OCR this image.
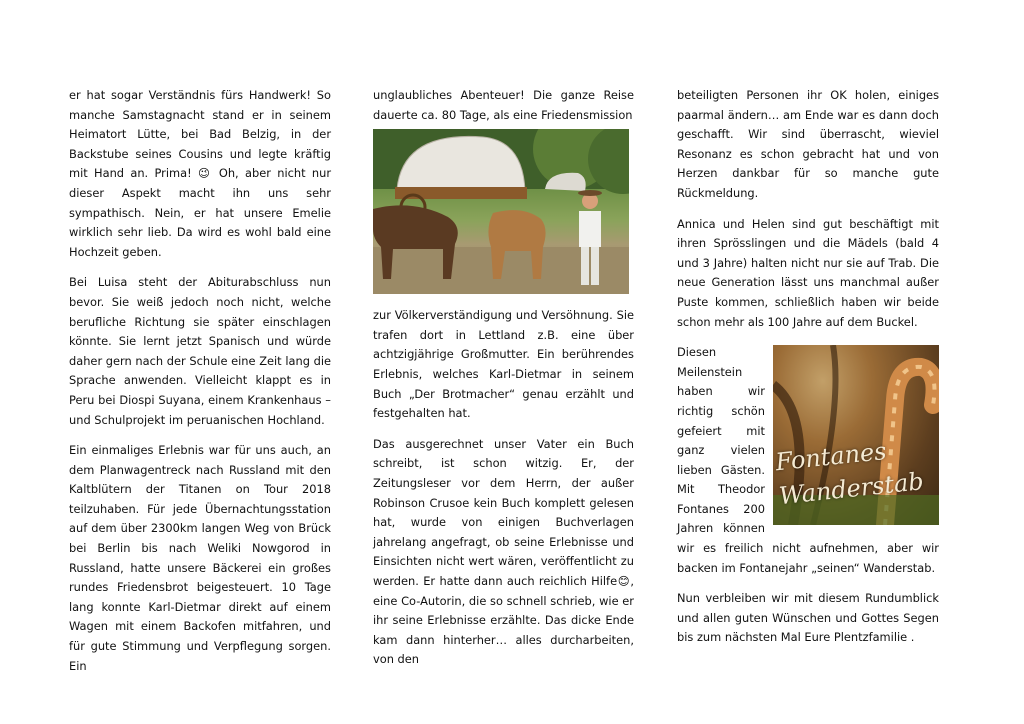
er hat sogar Verständnis fürs Handwerk! So manche Samstagnacht stand er in seinem Heimatort Lütte, bei Bad Belzig, in der Backstube seines Cousins und legte kräftig mit Hand an. Prima! 😉 Oh, aber nicht nur dieser Aspekt macht ihn uns sehr sympathisch. Nein, er hat unsere Emelie wirklich sehr lieb. Da wird es wohl bald eine Hochzeit geben.

Bei Luisa steht der Abiturabschluss nun bevor. Sie weiß jedoch noch nicht, welche berufliche Richtung sie später einschlagen könnte. Sie lernt jetzt Spanisch und würde daher gern nach der Schule eine Zeit lang die Sprache anwenden. Vielleicht klappt es in Peru bei Diospi Suyana, einem Krankenhaus – und Schulprojekt im peruanischen Hochland.

Ein einmaliges Erlebnis war für uns auch, an dem Planwagentreck nach Russland mit den Kaltblütern der Titanen on Tour 2018 teilzuhaben. Für jede Übernachtungsstation auf dem über 2300km langen Weg von Brück bei Berlin bis nach Weliki Nowgorod in Russland, hatte unsere Bäckerei ein großes rundes Friedensbrot beigesteuert. 10 Tage lang konnte Karl-Dietmar direkt auf einem Wagen mit einem Backofen mitfahren, und für gute Stimmung und Verpflegung sorgen. Ein

unglaubliches Abenteuer! Die ganze Reise dauerte ca. 80 Tage, als eine Friedensmission

zur Völkerverständigung und Versöhnung. Sie trafen dort in Lettland z.B. eine über achtzigjährige Großmutter. Ein berührendes Erlebnis, welches Karl-Dietmar in seinem Buch „Der Brotmacher“ genau erzählt und festgehalten hat.

Das ausgerechnet unser Vater ein Buch schreibt, ist schon witzig. Er, der Zeitungsleser vor dem Herrn, der außer Robinson Crusoe kein Buch komplett gelesen hat, wurde von einigen Buchverlagen jahrelang angefragt, ob seine Erlebnisse und Einsichten nicht wert wären, veröffentlicht zu werden. Er hatte dann auch reichlich Hilfe😊, eine Co-Autorin, die so schnell schrieb, wie er ihr seine Erlebnisse erzählte. Das dicke Ende kam dann hinterher… alles durcharbeiten, von den

beteiligten Personen ihr OK holen, einiges paarmal ändern… am Ende war es dann doch geschafft. Wir sind überrascht, wieviel Resonanz es schon gebracht hat und von Herzen dankbar für so manche gute Rückmeldung.

Annica und Helen sind gut beschäftigt mit ihren Sprösslingen und die Mädels (bald 4 und 3 Jahre) halten nicht nur sie auf Trab. Die neue Generation lässt uns manchmal außer Puste kommen, schließlich haben wir beide schon mehr als 100 Jahre auf dem Buckel.

Fontanes Wanderstab

Diesen Meilenstein haben wir richtig schön gefeiert mit ganz vielen lieben Gästen. Mit Theodor Fontanes 200 Jahren können wir es freilich nicht aufnehmen, aber wir backen im Fontanejahr „seinen“ Wanderstab.

Nun verbleiben wir mit diesem Rundumblick und allen guten Wünschen und Gottes Segen bis zum nächsten Mal Eure Plentzfamilie .
